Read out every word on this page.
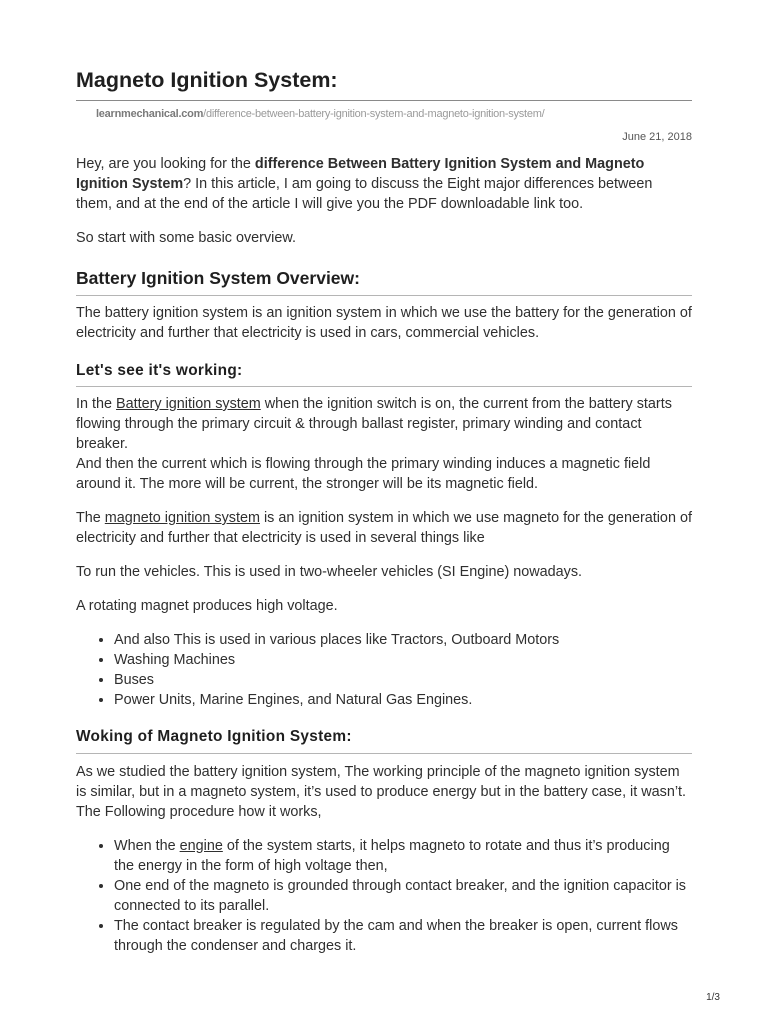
Magneto Ignition System:
learnmechanical.com/difference-between-battery-ignition-system-and-magneto-ignition-system/
June 21, 2018

Hey, are you looking for the difference Between Battery Ignition System and Magneto Ignition System? In this article, I am going to discuss the Eight major differences between them, and at the end of the article I will give you the PDF downloadable link too.

So start with some basic overview.

Battery Ignition System Overview:

The battery ignition system is an ignition system in which we use the battery for the generation of electricity and further that electricity is used in cars, commercial vehicles.

Let's see it's working:

In the Battery ignition system when the ignition switch is on, the current from the battery starts flowing through the primary circuit & through ballast register, primary winding and contact breaker.

And then the current which is flowing through the primary winding induces a magnetic field around it. The more will be current, the stronger will be its magnetic field.

The magneto ignition system is an ignition system in which we use magneto for the generation of electricity and further that electricity is used in several things like

To run the vehicles. This is used in two-wheeler vehicles (SI Engine) nowadays.

A rotating magnet produces high voltage.

• And also This is used in various places like Tractors, Outboard Motors
• Washing Machines
• Buses
• Power Units, Marine Engines, and Natural Gas Engines.
Woking of Magneto Ignition System:

As we studied the battery ignition system, The working principle of the magneto ignition system is similar, but in a magneto system, it’s used to produce energy but in the battery case, it wasn’t. The Following procedure how it works,

• When the engine of the system starts, it helps magneto to rotate and thus it’s producing the energy in the form of high voltage then,
• One end of the magneto is grounded through contact breaker, and the ignition capacitor is connected to its parallel.
• The contact breaker is regulated by the cam and when the breaker is open, current flows through the condenser and charges it.
1/3
